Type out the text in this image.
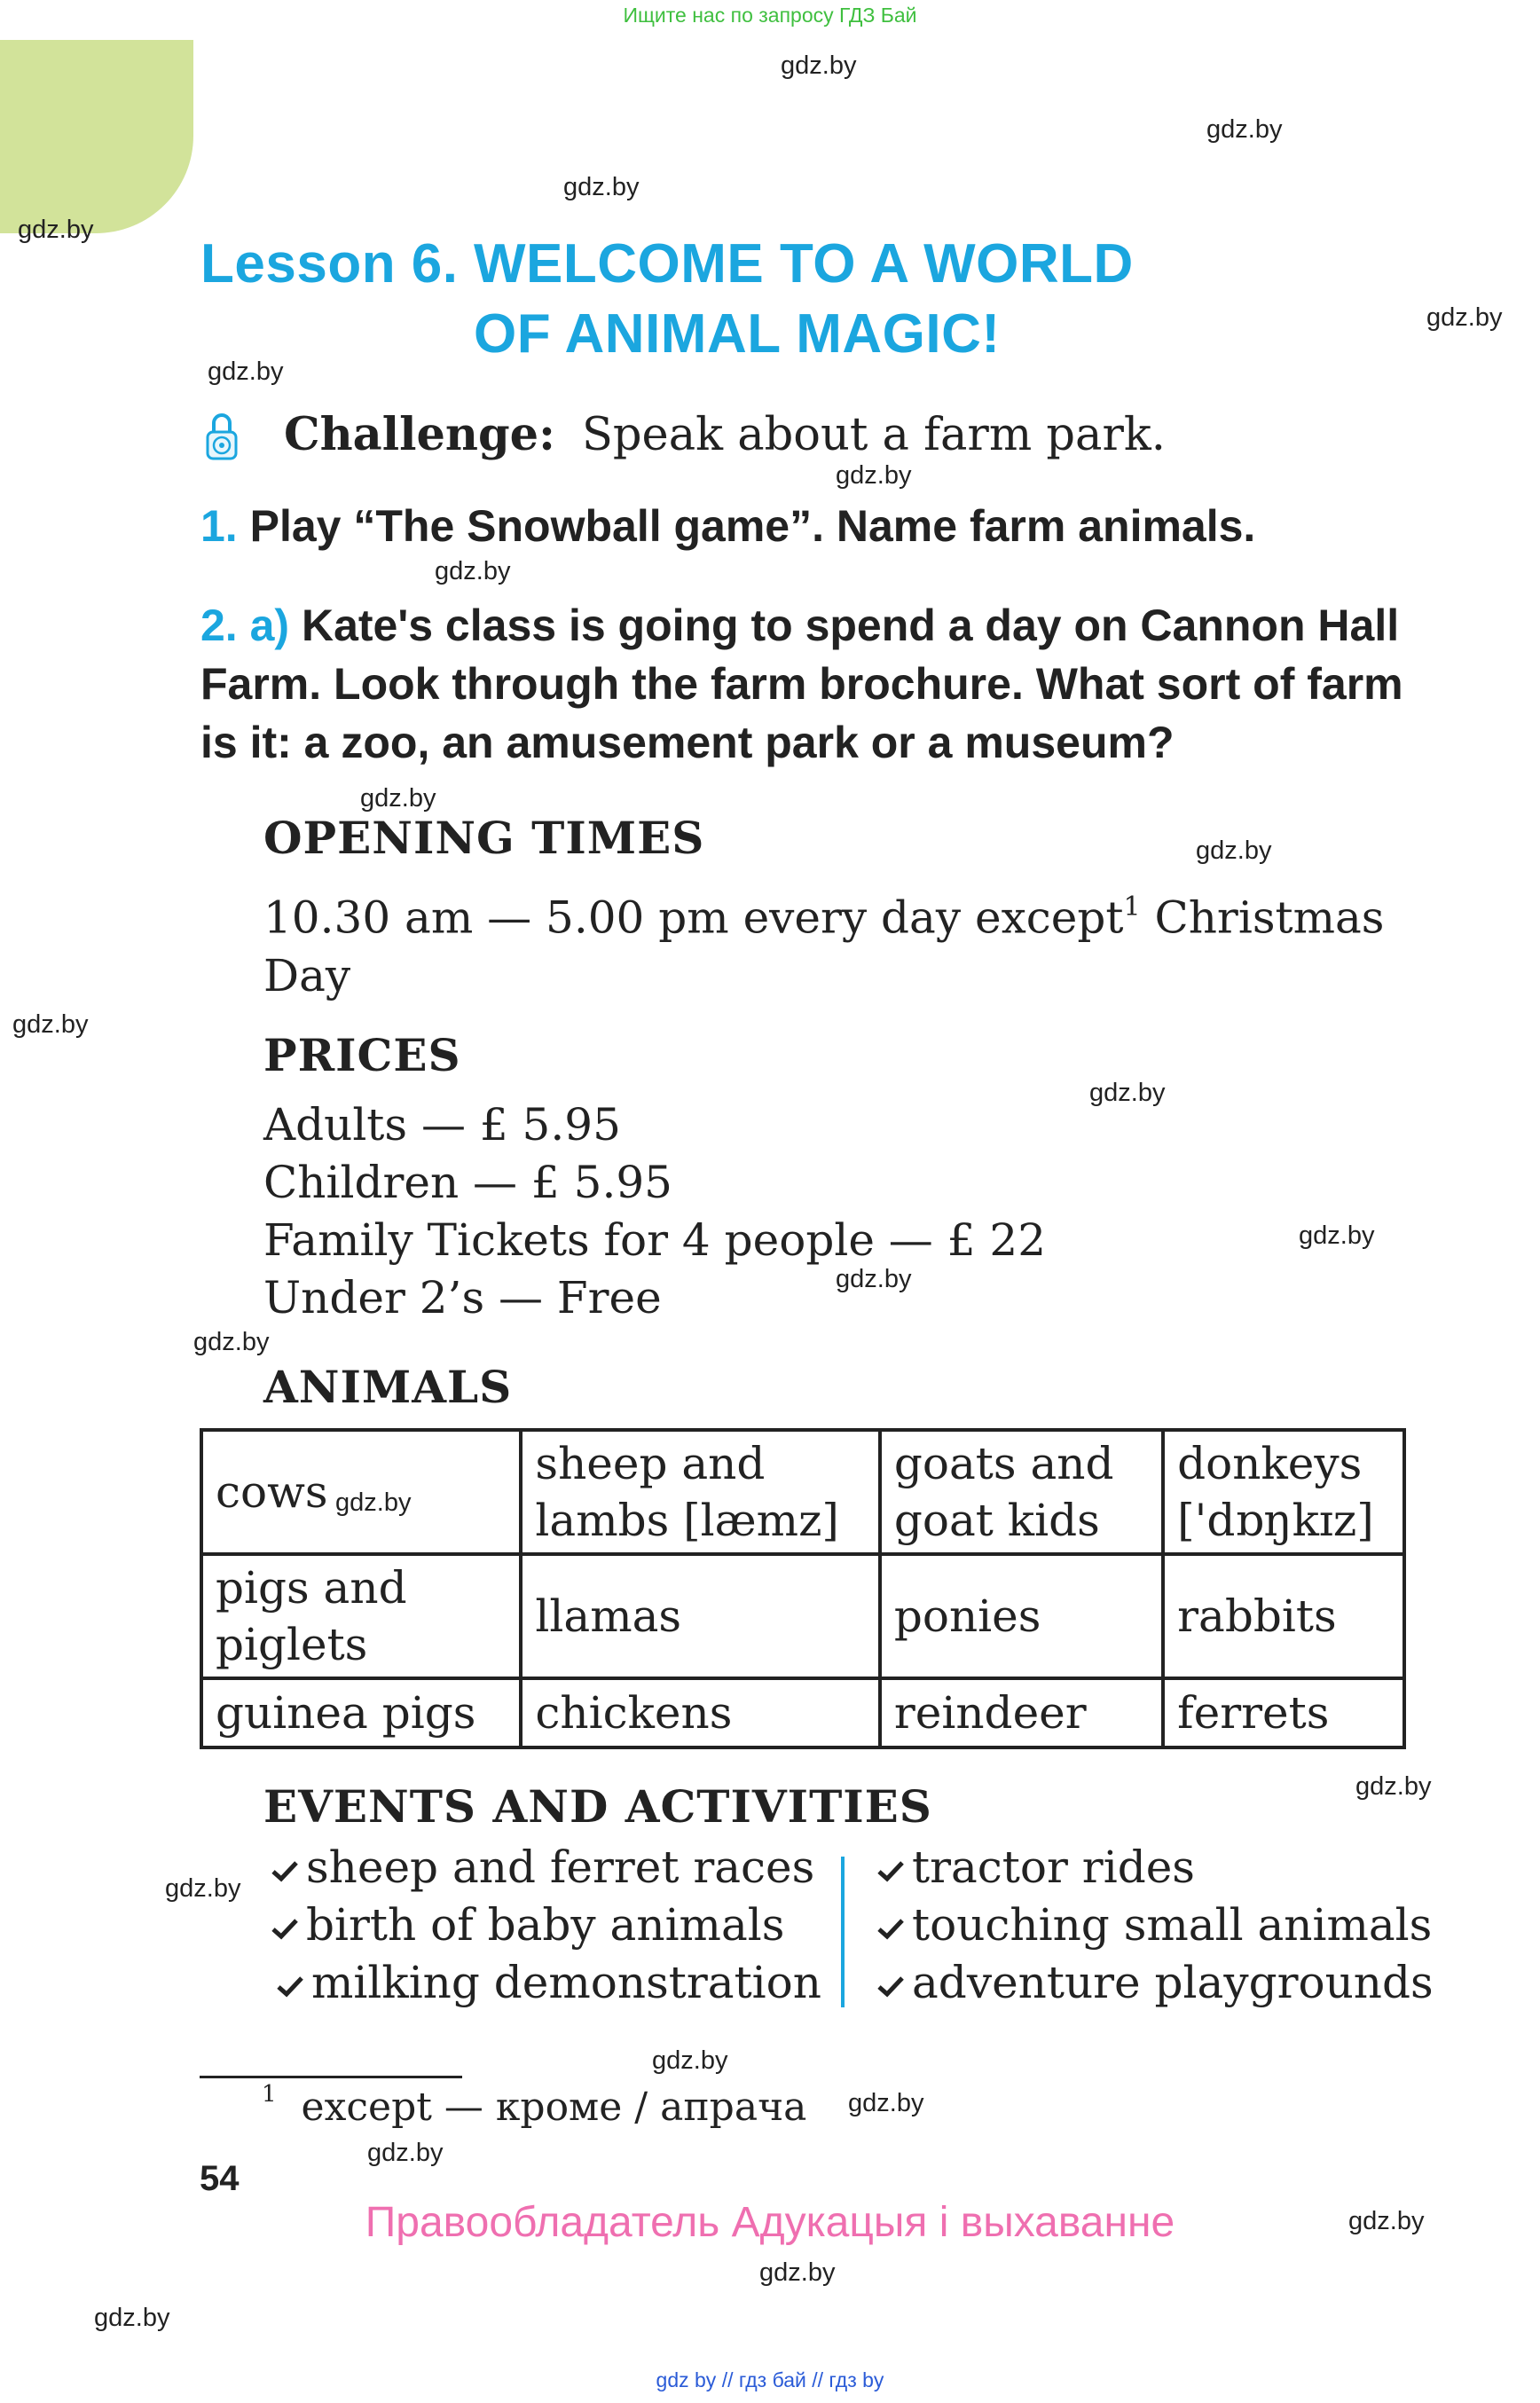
Ищите нас по запросу ГДЗ Бай
gdz.by
gdz.by
gdz.by
gdz.by
gdz.by
gdz.by
gdz.by
gdz.by
gdz.by
gdz.by
gdz.by
gdz.by
gdz.by
gdz.by
gdz.by
gdz.by
gdz.by
gdz.by
gdz.by
gdz.by
gdz.by
gdz.by
gdz.by
Lesson 6. WELCOME TO A WORLD
OF ANIMAL MAGIC!
Challenge: Speak about a farm park.
1. Play “The Snowball game”. Name farm animals.
2. a) Kate's class is going to spend a day on Cannon Hall Farm. Look through the farm brochure. What sort of farm is it: a zoo, an amusement park or a museum?
OPENING TIMES
10.30 am — 5.00 pm every day except$^1$ Christmas Day
PRICES
Adults — £ 5.95
Children — £ 5.95
Family Tickets for 4 people — £ 22
Under 2’s — Free
ANIMALS
cows	sheep and lambs [læmz]	goats and goat kids	donkeys ['dɒŋkɪz]
pigs and piglets	llamas	ponies	rabbits
guinea pigs	chickens	reindeer	ferrets
gdz.by
EVENTS AND ACTIVITIES
sheep and ferret races
birth of baby animals
milking demonstration
tractor rides
touching small animals
adventure playgrounds
$^1$ except — кроме / апрача
54
Правообладатель Адукацыя і выхаванне
gdz by // гдз бай // гдз by
